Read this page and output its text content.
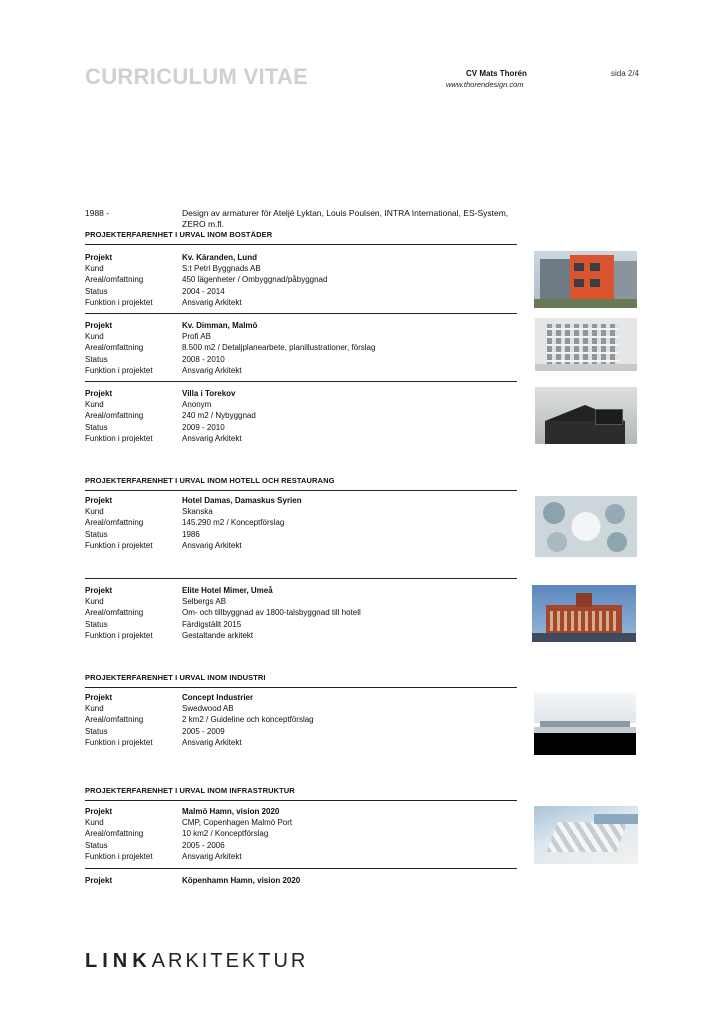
CURRICULUM VITAE	CV Mats Thorén
www.thorendesign.com
sida 2/4
1988 -	Design av armaturer för Ateljé Lyktan, Louis Poulsen, INTRA International, ES-System, ZERO m.fl.
PROJEKTERFARENHET I URVAL INOM BOSTÄDER
Projekt	Kv. Käranden, Lund
Kund	S:t Petri Byggnads AB
Areal/omfattning	450 lägenheter / Ombyggnad/påbyggnad
Status	2004 - 2014
Funktion i projektet	Ansvarig Arkitekt
Projekt	Kv. Dimman, Malmö
Kund	Profi AB
Areal/omfattning	8.500 m2 / Detaljplanearbete, planillustrationer, förslag
Status	2008 - 2010
Funktion i projektet	Ansvarig Arkitekt
Projekt	Villa i Torekov
Kund	Anonym
Areal/omfattning	240 m2 / Nybyggnad
Status	2009 - 2010
Funktion i projektet	Ansvarig Arkitekt
PROJEKTERFARENHET I URVAL INOM HOTELL OCH RESTAURANG
Projekt	Hotel Damas, Damaskus Syrien
Kund	Skanska
Areal/omfattning	145.290 m2 / Konceptförslag
Status	1986
Funktion i projektet	Ansvarig Arkitekt
Projekt	Elite Hotel Mimer, Umeå
Kund	Selbergs AB
Areal/omfattning	Om- och tillbyggnad av 1800-talsbyggnad till hotell
Status	Färdigställt 2015
Funktion i projektet	Gestaltande arkitekt
PROJEKTERFARENHET I URVAL INOM INDUSTRI
Projekt	Concept Industrier
Kund	Swedwood AB
Areal/omfattning	2 km2 / Guideline och konceptförslag
Status	2005 - 2009
Funktion i projektet	Ansvarig Arkitekt
PROJEKTERFARENHET I URVAL INOM INFRASTRUKTUR
Projekt	Malmö Hamn, vision 2020
Kund	CMP, Copenhagen Malmö Port
Areal/omfattning	10 km2 / Konceptförslag
Status	2005 - 2006
Funktion i projektet	Ansvarig Arkitekt
Projekt	Köpenhamn Hamn, vision 2020
LINKARKITEKTUR
